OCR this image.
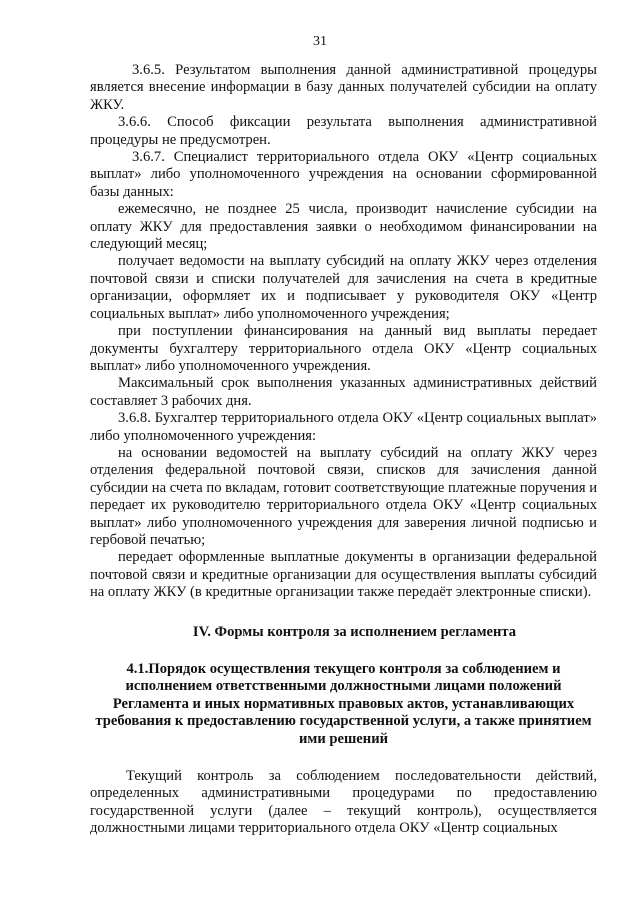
31

3.6.5. Результатом выполнения данной административной процедуры является внесение информации в базу данных получателей субсидии на оплату ЖКУ.

3.6.6. Способ фиксации результата выполнения административной процедуры не предусмотрен.

3.6.7. Специалист территориального отдела ОКУ «Центр социальных выплат» либо уполномоченного учреждения на основании сформированной базы данных:

ежемесячно, не позднее 25 числа, производит начисление субсидии на оплату ЖКУ для предоставления заявки о необходимом финансировании на следующий месяц;

получает ведомости на выплату субсидий на оплату ЖКУ через отделения почтовой связи и списки получателей для зачисления на счета в кредитные организации, оформляет их и подписывает у руководителя ОКУ «Центр социальных выплат» либо уполномоченного учреждения;

при поступлении финансирования на данный вид выплаты передает документы бухгалтеру территориального отдела ОКУ «Центр социальных выплат» либо уполномоченного учреждения.

Максимальный срок выполнения указанных административных действий составляет 3 рабочих дня.

3.6.8. Бухгалтер территориального отдела ОКУ «Центр социальных выплат» либо уполномоченного учреждения:

на основании ведомостей на выплату субсидий на оплату ЖКУ через отделения федеральной почтовой связи, списков для зачисления данной субсидии на счета по вкладам, готовит соответствующие платежные поручения и передает их руководителю территориального отдела ОКУ «Центр социальных выплат» либо уполномоченного учреждения для заверения личной подписью и гербовой печатью;

передает оформленные выплатные документы в организации федеральной почтовой связи и кредитные организации для осуществления выплаты субсидий на оплату ЖКУ (в кредитные организации также передаёт электронные списки).

IV. Формы контроля за исполнением регламента

4.1.Порядок осуществления текущего контроля за соблюдением и исполнением ответственными должностными лицами положений Регламента и иных нормативных правовых актов, устанавливающих требования к предоставлению государственной услуги, а также принятием ими решений

Текущий контроль за соблюдением последовательности действий, определенных административными процедурами по предоставлению государственной услуги (далее – текущий контроль), осуществляется должностными лицами территориального отдела ОКУ «Центр социальных
